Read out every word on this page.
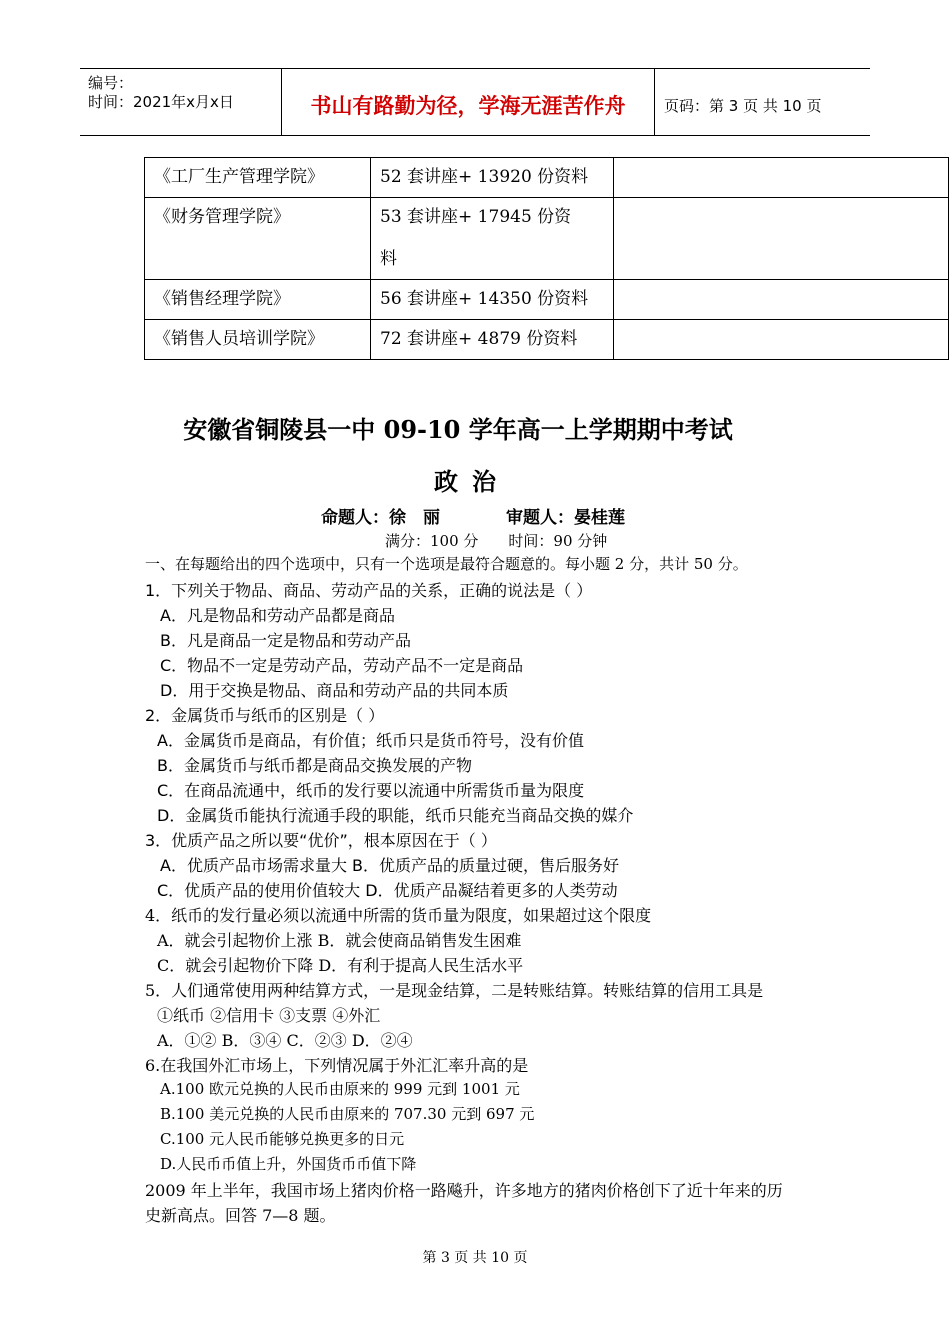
编号：
时间：2021年x月x日	书山有路勤为径，学海无涯苦作舟	页码：第 3 页 共 10 页
《工厂生产管理学院》	52 套讲座+ 13920 份资料	
《财务管理学院》	53 套讲座+ 17945 份资
料	

《销售经理学院》	56 套讲座+ 14350 份资料	
《销售人员培训学院》	72 套讲座+ 4879 份资料	
安徽省铜陵县一中 09-10 学年高一上学期期中考试
政治
命题人：徐　丽	审题人：晏桂莲
满分：100 分 时间：90 分钟
一、在每题给出的四个选项中，只有一个选项是最符合题意的。每小题 2 分，共计 50 分。
1．下列关于物品、商品、劳动产品的关系，正确的说法是（ ）
A．凡是物品和劳动产品都是商品
B．凡是商品一定是物品和劳动产品
C．物品不一定是劳动产品，劳动产品不一定是商品
D．用于交换是物品、商品和劳动产品的共同本质
2．金属货币与纸币的区别是（ ）
A．金属货币是商品，有价值；纸币只是货币符号，没有价值
B．金属货币与纸币都是商品交换发展的产物
C．在商品流通中，纸币的发行要以流通中所需货币量为限度
D．金属货币能执行流通手段的职能，纸币只能充当商品交换的媒介
3．优质产品之所以要“优价”，根本原因在于（ ）
A．优质产品市场需求量大 B．优质产品的质量过硬，售后服务好
C．优质产品的使用价值较大 D．优质产品凝结着更多的人类劳动
4．纸币的发行量必须以流通中所需的货币量为限度，如果超过这个限度
A．就会引起物价上涨 B．就会使商品销售发生困难
C．就会引起物价下降 D．有利于提高人民生活水平
5．人们通常使用两种结算方式，一是现金结算，二是转账结算。转账结算的信用工具是
①纸币 ②信用卡 ③支票 ④外汇
A．①② B．③④ C．②③ D．②④
6.在我国外汇市场上，下列情况属于外汇汇率升高的是
A.100 欧元兑换的人民币由原来的 999 元到 1001 元
B.100 美元兑换的人民币由原来的 707.30 元到 697 元
C.100 元人民币能够兑换更多的日元
D.人民币币值上升，外国货币币值下降
2009 年上半年，我国市场上猪肉价格一路飚升，许多地方的猪肉价格创下了近十年来的历
史新高点。回答 7—8 题。
第 3 页 共 10 页
